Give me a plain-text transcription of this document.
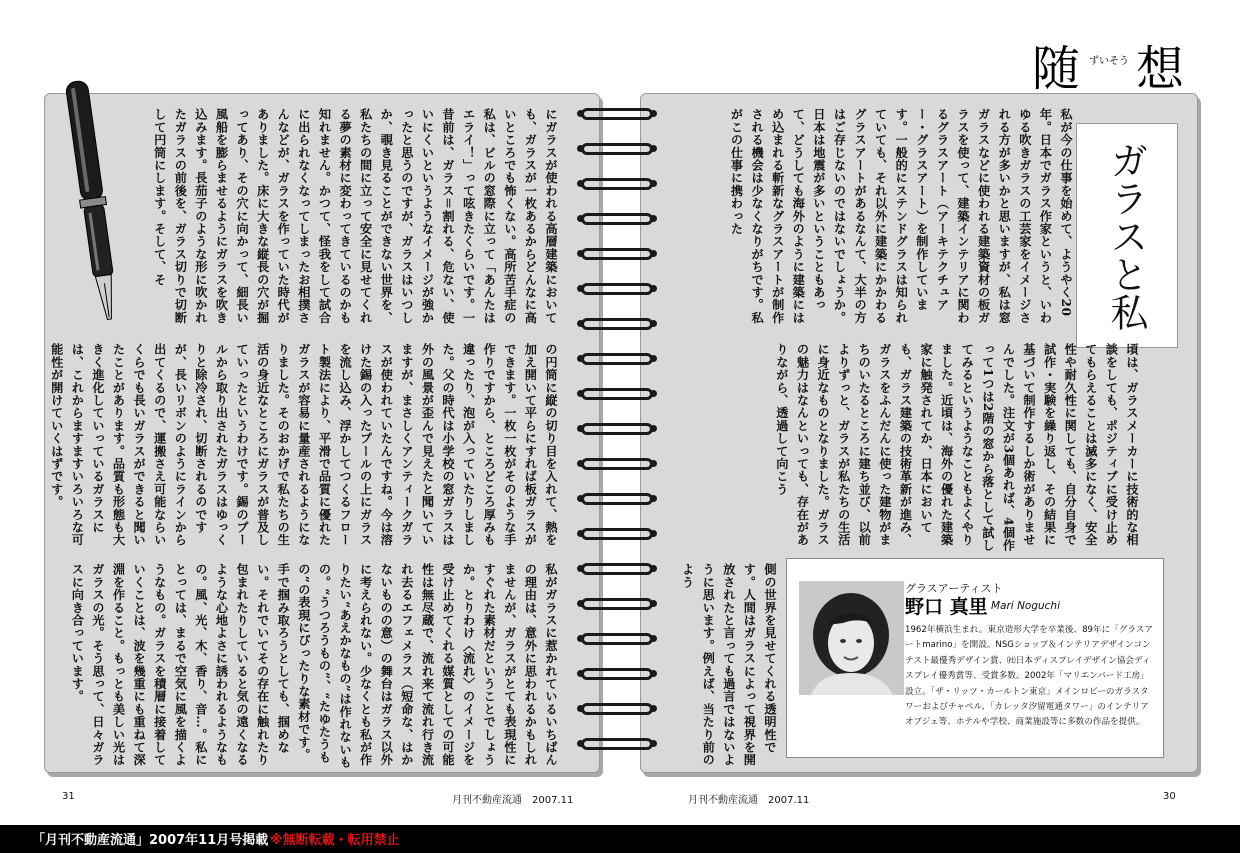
随 ずいそう 想
ガラスと私
私が今の仕事を始めて、ようやく20年。日本でガラス作家というと、いわゆる吹きガラスの工芸家をイメージされる方が多いかと思いますが、私は窓ガラスなどに使われる建築資材の板ガラスを使って、建築インテリアに関わるグラスアート（アーキテクチュアー・グラスアート）を制作しています。一般的にステンドグラスは知られていても、それ以外に建築にかかわるグラスアートがあるなんて、大半の方はご存じないのではないでしょうか。日本は地震が多いということもあって、どうしても海外のように建築にはめ込まれる斬新なグラスアートが制作される機会は少なくなりがちです。私がこの仕事に携わった
頃は、ガラスメーカーに技術的な相談をしても、ポジティブに受け止めてもらえることは滅多になく、安全性や耐久性に関しても、自分自身で試作・実験を繰り返し、その結果に基づいて制作するしか術がありませんでした。注文が3個あれば、4個作って1つは2階の窓から落として試してみるというようなこともよくやりました。近頃は、海外の優れた建築家に触発されてか、日本においても、ガラス建築の技術革新が進み、ガラスをふんだんに使った建物がまちのいたるところに建ち並び、以前よりずっと、ガラスが私たちの生活に身近なものとなりました。ガラスの魅力はなんといっても、存在がありながら、透過して向こう
側の世界を見せてくれる透明性です。人間はガラスによって視界を開放されたと言っても過言ではないように思います。例えば、当たり前のよう
にガラスが使われる高層建築においても、ガラスが一枚あるからどんなに高いところでも怖くない。高所苦手症の私は、ビルの窓際に立って「あんたはエライ！」って呟きたくらいです。一昔前は、ガラス＝割れる、危ない、使いにくいというようなイメージが強かったと思うのですが、ガラスはいつしか、覗き見ることができない世界を、私たちの間に立って安全に見せてくれる夢の素材に変わってきているのかも知れません。かつて、怪我をして試合に出られなくなってしまったお相撲さんなどが、ガラスを作っていた時代がありました。床に大きな縦長の穴が掘ってあり、その穴に向かって、細長い風船を膨らませるようにガラスを吹き込みます。長茄子のような形に吹かれたガラスの前後を、ガラス切りで切断して円筒にします。そして、そ
の円筒に縦の切り目を入れて、熱を加え開いて平らにすれば板ガラスができます。一枚一枚がそのような手作りですから、ところどころ厚みも違ったり、泡が入っていたりしました。父の時代は小学校の窓ガラスは外の風景が歪んで見えたと聞いていますが、まさしくアンティークガラスが使われていたんですね。今は溶けた錫の入ったプールの上にガラスを流し込み、浮かしてつくるフロート製法により、平滑で品質に優れたガラスが容易に量産されるようになりました。そのおかげで私たちの生活の身近なところにガラスが普及していったというわけです。錫のプールから取り出されたガラスはゆっくりと除冷され、切断されるのですが、長いリボンのようにラインから出てくるので、運搬さえ可能ならいくらでも長いガラスができると聞いたことがあります。品質も形態も大きく進化していっているガラスには、これからますますいろいろな可能性が開けていくはずです。
私がガラスに惹かれているいちばんの理由は、意外に思われるかもしれませんが、ガラスがとても表現性にすぐれた素材だということでしょうか。とりわけ〈流れ〉のイメージを受け止めてくれる媒質としての可能性は無尽蔵で、流れ来て流れ行き流れ去るエフェメラス（短命な、はかないものの意）の舞台はガラス以外に考えられない。少なくとも私が作りたい“あえかなもの”は作れないもの。“うつろうもの”、“たゆたうもの”の表現にぴったりな素材です。手で掴み取ろうとしても、掴めない。それでいてその存在に触れたり包まれたりしていると気の遠くなるような心地よさに誘われるようなもの。風、光、木、香り、音…。私にとっては、まるで空気に風を描くようなもの。ガラスを積層に接着していくことは、波を幾重にも重ねて深淵を作ること。もっとも美しい光はガラスの光。そう思って、日々ガラスに向き合っています。	グラスアーティスト
野口 真里 Mari Noguchi
1962年横浜生まれ。東京造形大学を卒業後、89年に「グラスアートmarino」を開設。NSGショップ＆インテリアデザインコンテスト最優秀デザイン賞、㈳日本ディスプレイデザイン協会ディスプレイ優秀賞等、受賞多数。2002年「マリエンバード工房」設立。「ザ・リッツ・カールトン東京」メインロビーのガラスタワーおよびチャペル、「カレッタ汐留電通タワー」のインテリアオブジェ等、ホテルや学校、商業施設等に多数の作品を提供。
31	30
月刊不動産流通　2007.11	月刊不動産流通　2007.11
「月刊不動産流通」2007年11月号掲載 ※無断転載・転用禁止
